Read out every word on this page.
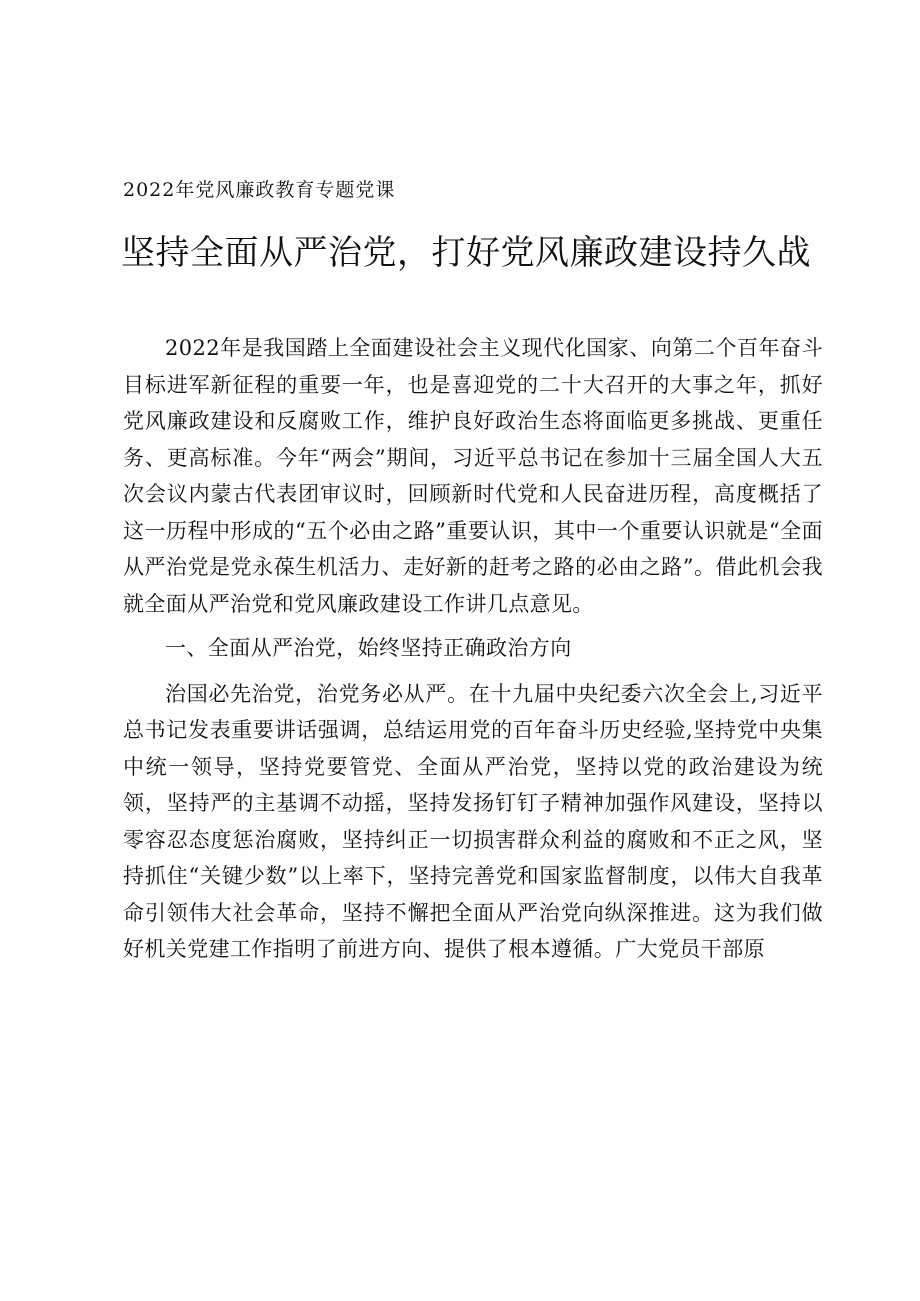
2022年党风廉政教育专题党课
坚持全面从严治党，打好党风廉政建设持久战

2022年是我国踏上全面建设社会主义现代化国家、向第二个百年奋斗目标进军新征程的重要一年，也是喜迎党的二十大召开的大事之年，抓好党风廉政建设和反腐败工作，维护良好政治生态将面临更多挑战、更重任务、更高标准。今年“两会”期间，习近平总书记在参加十三届全国人大五次会议内蒙古代表团审议时，回顾新时代党和人民奋进历程，高度概括了这一历程中形成的“五个必由之路”重要认识，其中一个重要认识就是“全面从严治党是党永葆生机活力、走好新的赶考之路的必由之路”。借此机会我就全面从严治党和党风廉政建设工作讲几点意见。

一、全面从严治党，始终坚持正确政治方向

治国必先治党，治党务必从严。在十九届中央纪委六次全会上,习近平总书记发表重要讲话强调，总结运用党的百年奋斗历史经验,坚持党中央集中统一领导，坚持党要管党、全面从严治党，坚持以党的政治建设为统领，坚持严的主基调不动摇，坚持发扬钉钉子精神加强作风建设，坚持以零容忍态度惩治腐败，坚持纠正一切损害群众利益的腐败和不正之风，坚持抓住“关键少数”以上率下，坚持完善党和国家监督制度，以伟大自我革命引领伟大社会革命，坚持不懈把全面从严治党向纵深推进。这为我们做好机关党建工作指明了前进方向、提供了根本遵循。广大党员干部原
